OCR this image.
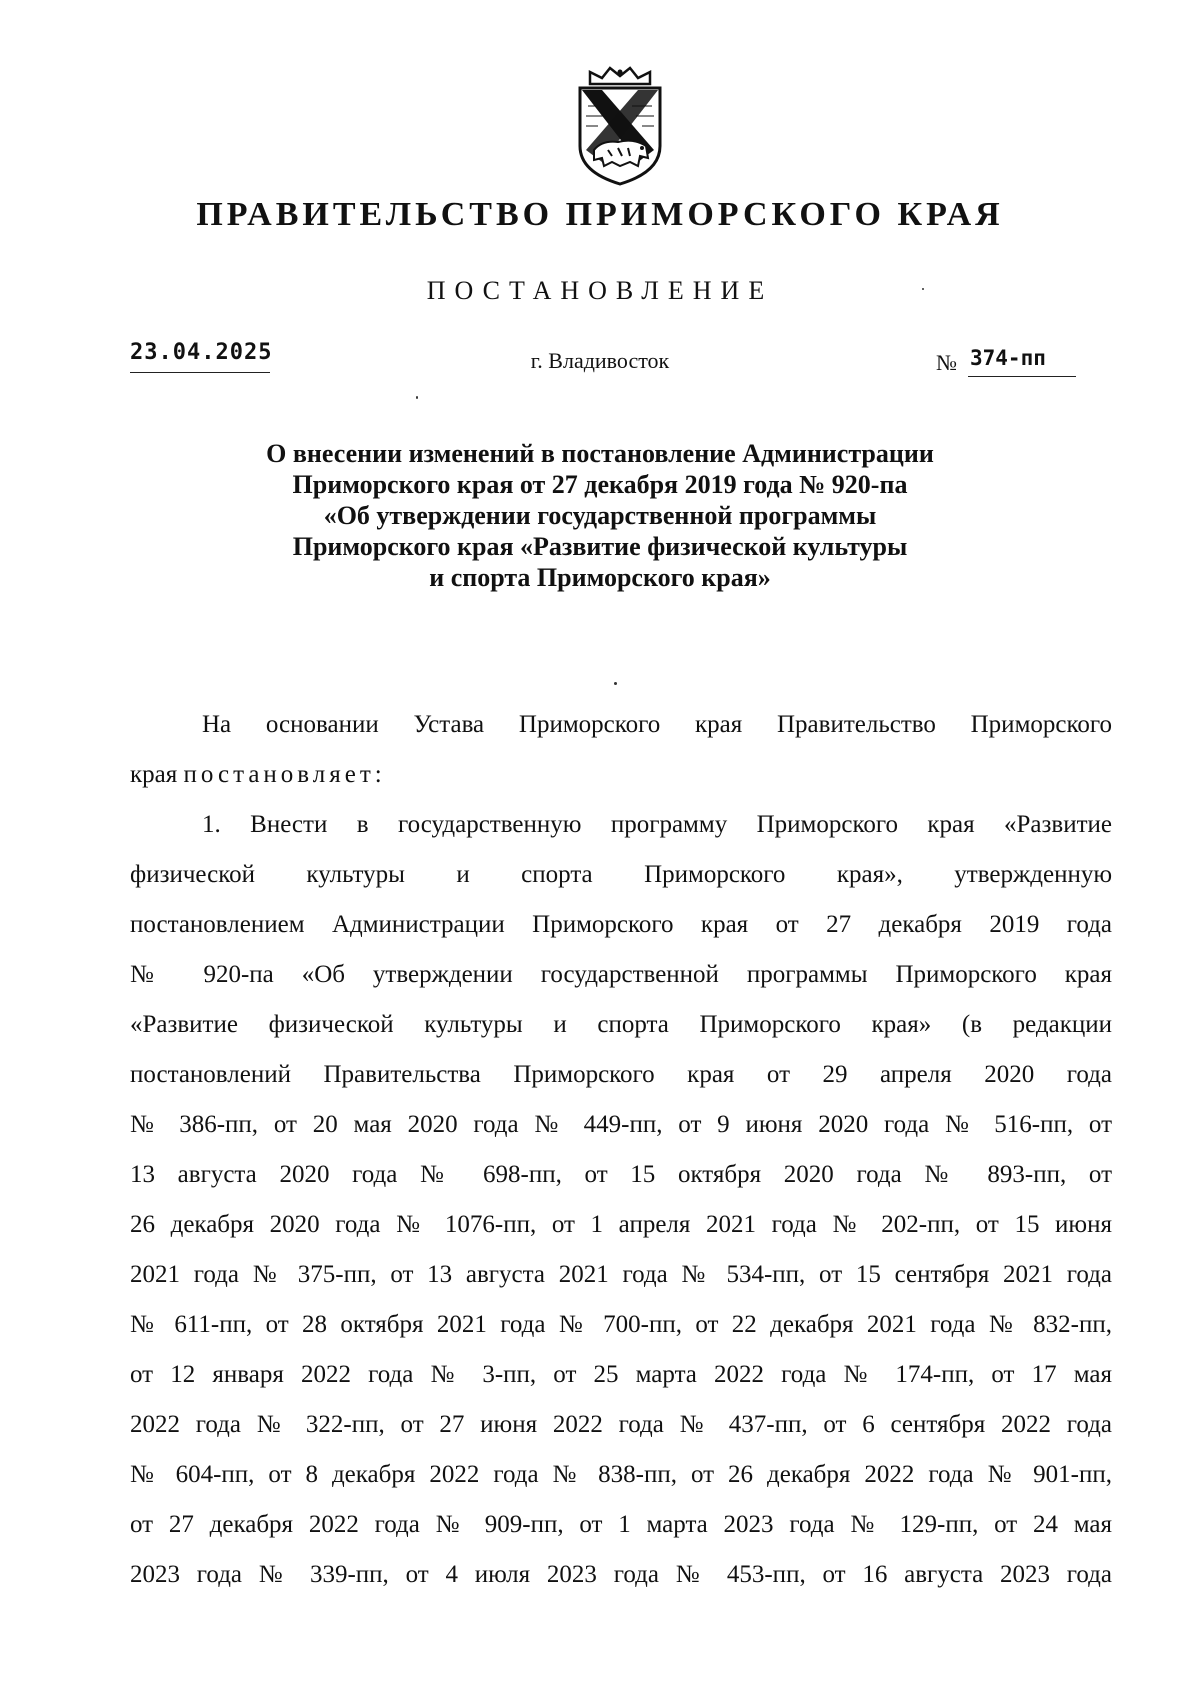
ПРАВИТЕЛЬСТВО ПРИМОРСКОГО КРАЯ
ПОСТАНОВЛЕНИЕ
23.04.2025	г. Владивосток	№ 374-пп
О внесении изменений в постановление Администрации
Приморского края от 27 декабря 2019 года № 920-па
«Об утверждении государственной программы
Приморского края «Развитие физической культуры
и спорта Приморского края»
На основании Устава Приморского края Правительство Приморского
края постановляет:
1. Внести в государственную программу Приморского края «Развитие
физической культуры и спорта Приморского края», утвержденную
постановлением Администрации Приморского края от 27 декабря 2019 года
№ 920-па «Об утверждении государственной программы Приморского края
«Развитие физической культуры и спорта Приморского края» (в редакции
постановлений Правительства Приморского края от 29 апреля 2020 года
№ 386-пп, от 20 мая 2020 года № 449-пп, от 9 июня 2020 года № 516-пп, от
13 августа 2020 года № 698-пп, от 15 октября 2020 года № 893-пп, от
26 декабря 2020 года № 1076-пп, от 1 апреля 2021 года № 202-пп, от 15 июня
2021 года № 375-пп, от 13 августа 2021 года № 534-пп, от 15 сентября 2021 года
№ 611-пп, от 28 октября 2021 года № 700-пп, от 22 декабря 2021 года № 832-пп,
от 12 января 2022 года № 3-пп, от 25 марта 2022 года № 174-пп, от 17 мая
2022 года № 322-пп, от 27 июня 2022 года № 437-пп, от 6 сентября 2022 года
№ 604-пп, от 8 декабря 2022 года № 838-пп, от 26 декабря 2022 года № 901-пп,
от 27 декабря 2022 года № 909-пп, от 1 марта 2023 года № 129-пп, от 24 мая
2023 года № 339-пп, от 4 июля 2023 года № 453-пп, от 16 августа 2023 года
